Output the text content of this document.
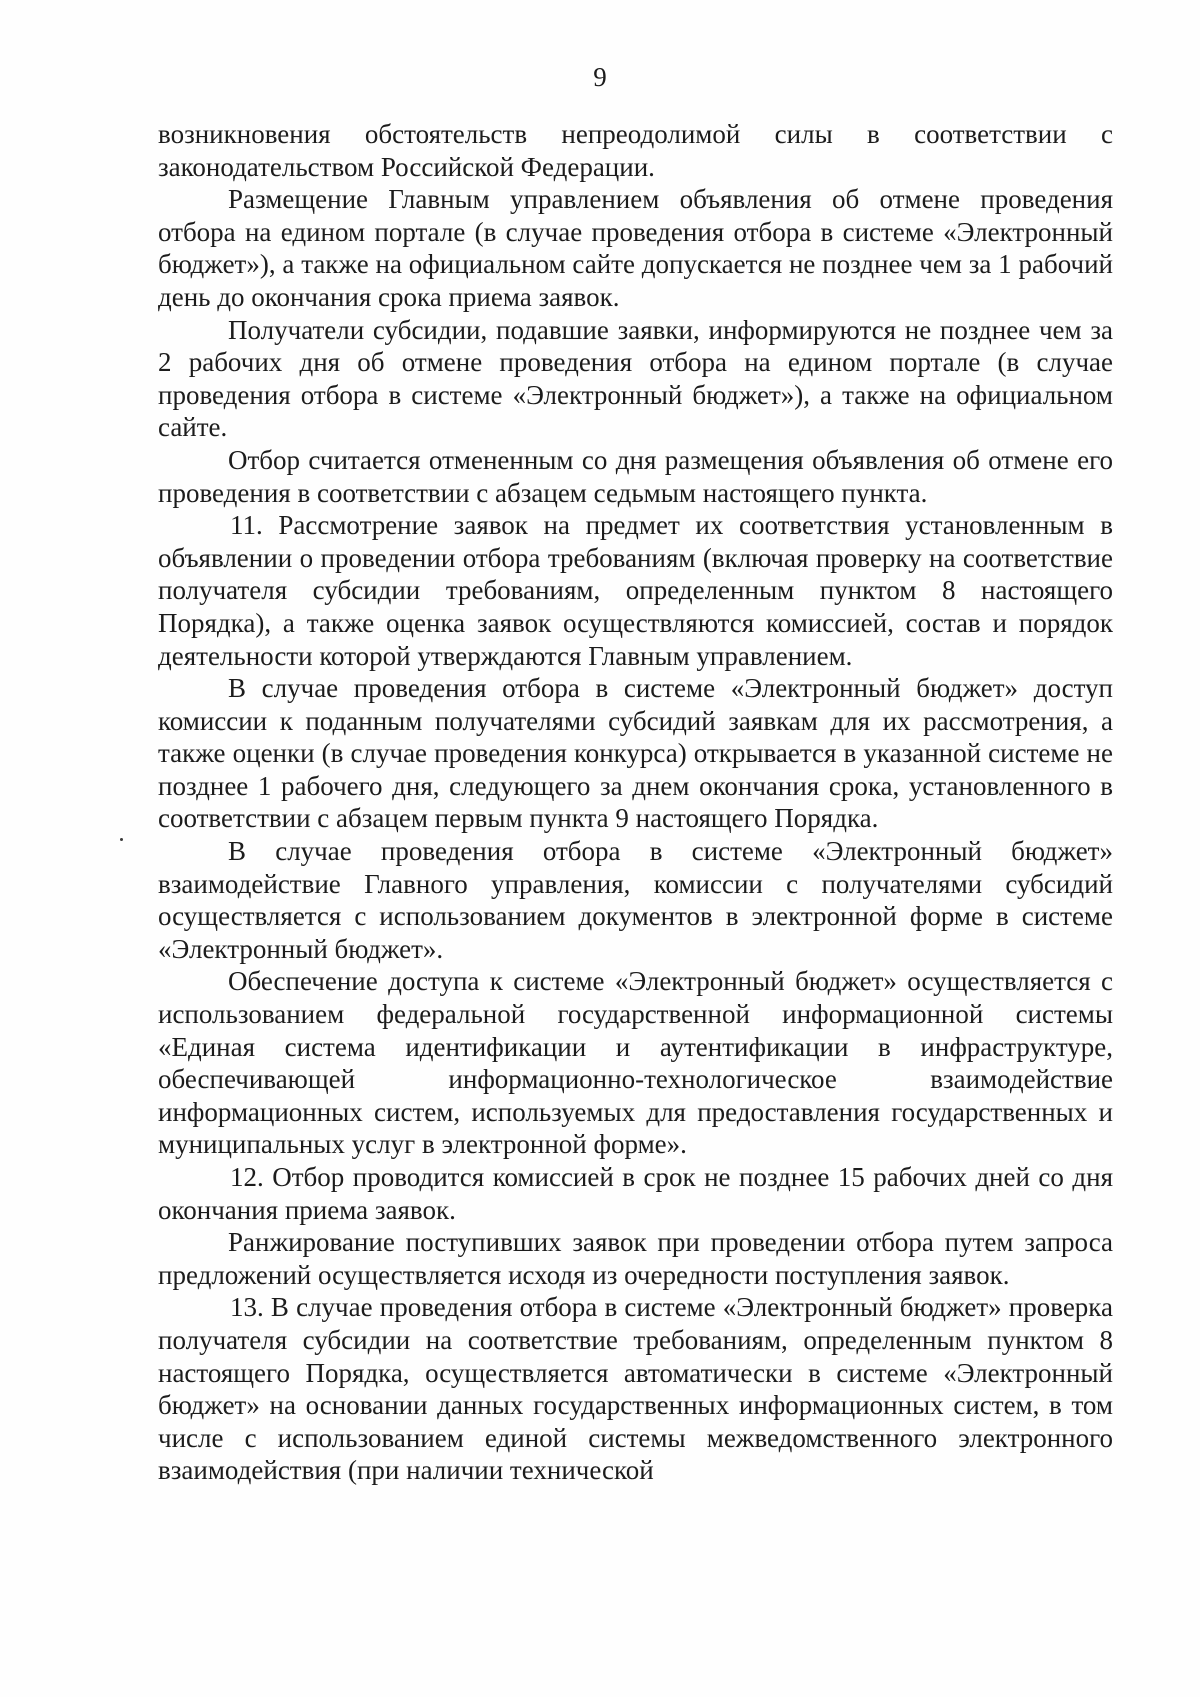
9

возникновения обстоятельств непреодолимой силы в соответствии с законодательством Российской Федерации.

Размещение Главным управлением объявления об отмене проведения отбора на едином портале (в случае проведения отбора в системе «Электронный бюджет»), а также на официальном сайте допускается не позднее чем за 1 рабочий день до окончания срока приема заявок.

Получатели субсидии, подавшие заявки, информируются не позднее чем за 2 рабочих дня об отмене проведения отбора на едином портале (в случае проведения отбора в системе «Электронный бюджет»), а также на официальном сайте.

Отбор считается отмененным со дня размещения объявления об отмене его проведения в соответствии с абзацем седьмым настоящего пункта.

11. Рассмотрение заявок на предмет их соответствия установленным в объявлении о проведении отбора требованиям (включая проверку на соответствие получателя субсидии требованиям, определенным пунктом 8 настоящего Порядка), а также оценка заявок осуществляются комиссией, состав и порядок деятельности которой утверждаются Главным управлением.

В случае проведения отбора в системе «Электронный бюджет» доступ комиссии к поданным получателями субсидий заявкам для их рассмотрения, а также оценки (в случае проведения конкурса) открывается в указанной системе не позднее 1 рабочего дня, следующего за днем окончания срока, установленного в соответствии с абзацем первым пункта 9 настоящего Порядка.

В случае проведения отбора в системе «Электронный бюджет» взаимодействие Главного управления, комиссии с получателями субсидий осуществляется с использованием документов в электронной форме в системе «Электронный бюджет».

Обеспечение доступа к системе «Электронный бюджет» осуществляется с использованием федеральной государственной информационной системы «Единая система идентификации и аутентификации в инфраструктуре, обеспечивающей информационно-технологическое взаимодействие информационных систем, используемых для предоставления государственных и муниципальных услуг в электронной форме».

12. Отбор проводится комиссией в срок не позднее 15 рабочих дней со дня окончания приема заявок.

Ранжирование поступивших заявок при проведении отбора путем запроса предложений осуществляется исходя из очередности поступления заявок.

13. В случае проведения отбора в системе «Электронный бюджет» проверка получателя субсидии на соответствие требованиям, определенным пунктом 8 настоящего Порядка, осуществляется автоматически в системе «Электронный бюджет» на основании данных государственных информационных систем, в том числе с использованием единой системы межведомственного электронного взаимодействия (при наличии технической
